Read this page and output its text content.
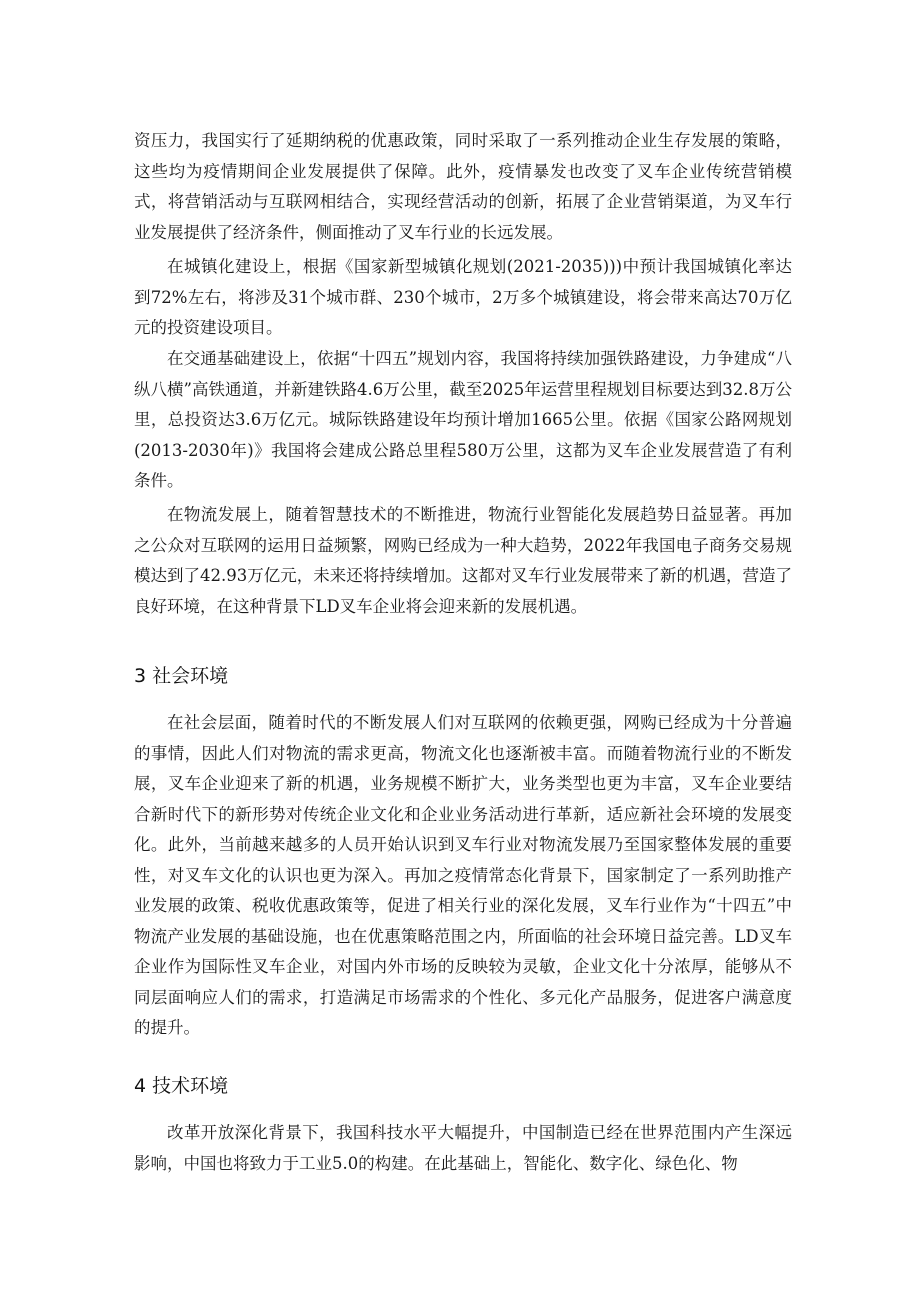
资压力，我国实行了延期纳税的优惠政策，同时采取了一系列推动企业生存发展的策略，这些均为疫情期间企业发展提供了保障。此外，疫情暴发也改变了叉车企业传统营销模式，将营销活动与互联网相结合，实现经营活动的创新，拓展了企业营销渠道，为叉车行业发展提供了经济条件，侧面推动了叉车行业的长远发展。

在城镇化建设上，根据《国家新型城镇化规划(2021-2035)))中预计我国城镇化率达到72%左右，将涉及31个城市群、230个城市，2万多个城镇建设，将会带来高达70万亿元的投资建设项目。

在交通基础建设上，依据“十四五”规划内容，我国将持续加强铁路建设，力争建成“八纵八横”高铁通道，并新建铁路4.6万公里，截至2025年运营里程规划目标要达到32.8万公里，总投资达3.6万亿元。城际铁路建设年均预计增加1665公里。依据《国家公路网规划(2013-2030年)》我国将会建成公路总里程580万公里，这都为叉车企业发展营造了有利条件。

在物流发展上，随着智慧技术的不断推进，物流行业智能化发展趋势日益显著。再加之公众对互联网的运用日益频繁，网购已经成为一种大趋势，2022年我国电子商务交易规模达到了42.93万亿元，未来还将持续增加。这都对叉车行业发展带来了新的机遇，营造了良好环境，在这种背景下LD叉车企业将会迎来新的发展机遇。

3 社会环境

在社会层面，随着时代的不断发展人们对互联网的依赖更强，网购已经成为十分普遍的事情，因此人们对物流的需求更高，物流文化也逐渐被丰富。而随着物流行业的不断发展，叉车企业迎来了新的机遇，业务规模不断扩大，业务类型也更为丰富，叉车企业要结合新时代下的新形势对传统企业文化和企业业务活动进行革新，适应新社会环境的发展变化。此外，当前越来越多的人员开始认识到叉车行业对物流发展乃至国家整体发展的重要性，对叉车文化的认识也更为深入。再加之疫情常态化背景下，国家制定了一系列助推产业发展的政策、税收优惠政策等，促进了相关行业的深化发展，叉车行业作为“十四五”中物流产业发展的基础设施，也在优惠策略范围之内，所面临的社会环境日益完善。LD叉车企业作为国际性叉车企业，对国内外市场的反映较为灵敏，企业文化十分浓厚，能够从不同层面响应人们的需求，打造满足市场需求的个性化、多元化产品服务，促进客户满意度的提升。

4 技术环境

改革开放深化背景下，我国科技水平大幅提升，中国制造已经在世界范围内产生深远影响，中国也将致力于工业5.0的构建。在此基础上，智能化、数字化、绿色化、物
